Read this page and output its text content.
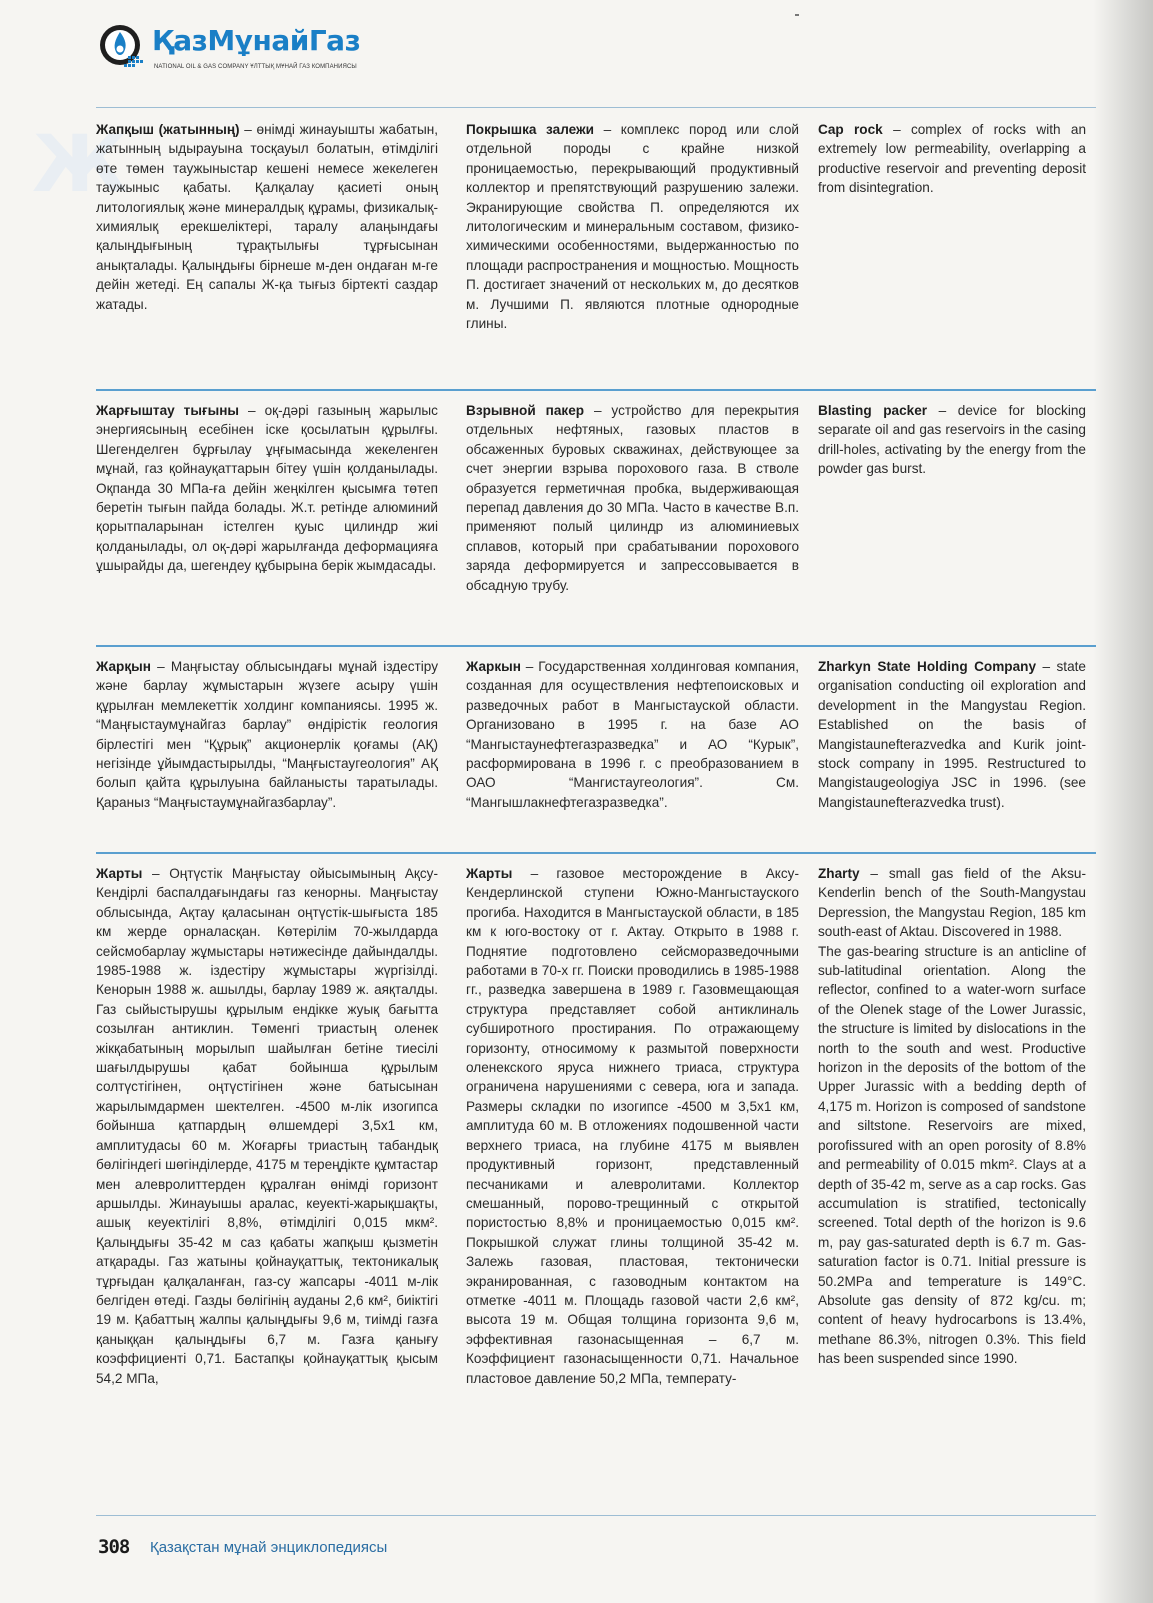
ҚазМұнайГаз
NATIONAL OIL & GAS COMPANY ҰЛТТЫҚ МҰНАЙ ГАЗ КОМПАНИЯСЫ
Ж
Жапқыш (жатынның) – өнімді жинауышты жабатын, жатынның ыдырауына тосқауыл болатын, өтімділігі өте төмен таужыныстар кешені немесе жекелеген таужыныс қабаты. Қалқалау қасиеті оның литологиялық және минералдық құрамы, физикалық-химиялық ерекшеліктері, таралу алаңындағы қалыңдығының тұрақтылығы тұрғысынан анықталады. Қалыңдығы бірнеше м-ден ондаған м-ге дейін жетеді. Ең сапалы Ж-қа тығыз біртекті саздар жатады.
Покрышка залежи – комплекс пород или слой отдельной породы с крайне низкой проницаемостью, перекрывающий продуктивный коллектор и препятствующий разрушению залежи. Экранирующие свойства П. определяются их литологическим и минеральным составом, физико-химическими особенностями, выдержанностью по площади распространения и мощностью. Мощность П. достигает значений от нескольких м, до десятков м. Лучшими П. являются плотные однородные глины.
Cap rock – complex of rocks with an extremely low permeability, overlapping a productive reservoir and preventing deposit from disintegration.
Жарғыштау тығыны – оқ-дәрі газының жарылыс энергиясының есебінен іске қосылатын құрылғы. Шегенделген бұрғылау ұңғымасында жекеленген мұнай, газ қойнауқаттарын бітеу үшін қолданылады. Оқпанда 30 МПа-ға дейін жеңкілген қысымға төтеп беретін тығын пайда болады. Ж.т. ретінде алюминий қорытпаларынан істелген қуыс цилиндр жиі қолданылады, ол оқ-дәрі жарылғанда деформацияға ұшырайды да, шегендеу құбырына берік жымдасады.
Взрывной пакер – устройство для перекрытия отдельных нефтяных, газовых пластов в обсаженных буровых скважинах, действующее за счет энергии взрыва порохового газа. В стволе образуется герметичная пробка, выдерживающая перепад давления до 30 МПа. Часто в качестве В.п. применяют полый цилиндр из алюминиевых сплавов, который при срабатывании порохового заряда деформируется и запрессовывается в обсадную трубу.
Blasting packer – device for blocking separate oil and gas reservoirs in the casing drill-holes, activating by the energy from the powder gas burst.
Жарқын – Маңғыстау облысындағы мұнай іздестіру және барлау жұмыстарын жүзеге асыру үшін құрылған мемлекеттік холдинг компаниясы. 1995 ж. “Маңғыстаумұнайгаз барлау” өндірістік геология бірлестігі мен “Құрық” акционерлік қоғамы (АҚ) негізінде ұйымдастырылды, “Маңғыстаугеология” АҚ болып қайта құрылуына байланысты таратылады. Қараныз “Маңғыстаумұнайгазбарлау”.
Жаркын – Государственная холдинговая компания, созданная для осуществления нефтепоисковых и разведочных работ в Мангыстауской области. Организовано в 1995 г. на базе АО “Мангыстаунефтегазразведка” и АО “Курык”, расформирована в 1996 г. с преобразованием в ОАО “Мангистаугеология”. См. “Мангышлакнефтегазразведка”.
Zharkyn State Holding Company – state organisation conducting oil exploration and development in the Mangystau Region. Established on the basis of Mangistaunefterazvedka and Kurik joint-stock company in 1995. Restructured to Mangistaugeologiya JSC in 1996. (see Mangistaunefterazvedka trust).
Жарты – Оңтүстік Маңғыстау ойысымының Ақсу-Кендірлі баспалдағындағы газ кенорны. Маңғыстау облысында, Ақтау қаласынан оңтүстік-шығыста 185 км жерде орналасқан. Көтерілім 70-жылдарда сейсмобарлау жұмыстары нәтижесінде дайындалды. 1985-1988 ж. іздестіру жұмыстары жүргізілді. Кенорын 1988 ж. ашылды, барлау 1989 ж. аяқталды. Газ сыйыстырушы құрылым ендікке жуық бағытта созылған антиклин. Төменгі триастың оленек жікқабатының морылып шайылған бетіне тиесілі шағылдырушы қабат бойынша құрылым солтүстігінен, оңтүстігінен және батысынан жарылымдармен шектелген. -4500 м-лік изогипса бойынша қатпардың өлшемдері 3,5х1 км, амплитудасы 60 м. Жоғарғы триастың табандық бөлігіндегі шөгінділерде, 4175 м тереңдікте құмтастар мен алевролиттерден құралған өнімді горизонт аршылды. Жинауышы аралас, кеуекті-жарықшақты, ашық кеуектілігі 8,8%, өтімділігі 0,015 мкм². Қалыңдығы 35-42 м саз қабаты жапқыш қызметін атқарады. Газ жатыны қойнауқаттық, тектоникалық тұрғыдан қалқаланған, газ-су жапсары -4011 м-лік белгіден өтеді. Газды бөлігінің ауданы 2,6 км², биіктігі 19 м. Қабаттың жалпы қалыңдығы 9,6 м, тиімді газға қаныққан қалыңдығы 6,7 м. Газға қанығу коэффициенті 0,71. Бастапқы қойнауқаттық қысым 54,2 МПа,
Жарты – газовое месторождение в Аксу-Кендерлинской ступени Южно-Мангыстауского прогиба. Находится в Мангыстауской области, в 185 км к юго-востоку от г. Актау. Открыто в 1988 г. Поднятие подготовлено сейсморазведочными работами в 70-х гг. Поиски проводились в 1985-1988 гг., разведка завершена в 1989 г. Газовмещающая структура представляет собой антиклиналь субширотного простирания. По отражающему горизонту, относимому к размытой поверхности оленекского яруса нижнего триаса, структура ограничена нарушениями с севера, юга и запада. Размеры складки по изогипсе -4500 м 3,5х1 км, амплитуда 60 м. В отложениях подошвенной части верхнего триаса, на глубине 4175 м выявлен продуктивный горизонт, представленный песчаниками и алевролитами. Коллектор смешанный, порово-трещинный с открытой пористостью 8,8% и проницаемостью 0,015 км². Покрышкой служат глины толщиной 35-42 м. Залежь газовая, пластовая, тектонически экранированная, с газоводным контактом на отметке -4011 м. Площадь газовой части 2,6 км², высота 19 м. Общая толщина горизонта 9,6 м, эффективная газонасыщенная – 6,7 м. Коэффициент газонасыщенности 0,71. Начальное пластовое давление 50,2 МПа, температу-
Zharty – small gas field of the Aksu-Kenderlin bench of the South-Mangystau Depression, the Mangystau Region, 185 km south-east of Aktau. Discovered in 1988.
The gas-bearing structure is an anticline of sub-latitudinal orientation. Along the reflector, confined to a water-worn surface of the Olenek stage of the Lower Jurassic, the structure is limited by dislocations in the north to the south and west. Productive horizon in the deposits of the bottom of the Upper Jurassic with a bedding depth of 4,175 m. Horizon is composed of sandstone and siltstone. Reservoirs are mixed, porofissured with an open porosity of 8.8% and permeability of 0.015 mkm². Clays at a depth of 35-42 m, serve as a cap rocks. Gas accumulation is stratified, tectonically screened. Total depth of the horizon is 9.6 m, pay gas-saturated depth is 6.7 m. Gas-saturation factor is 0.71. Initial pressure is 50.2MPa and temperature is 149°C. Absolute gas density of 872 kg/cu. m; content of heavy hydrocarbons is 13.4%, methane 86.3%, nitrogen 0.3%. This field has been suspended since 1990.
308 Қазақстан мұнай энциклопедиясы
